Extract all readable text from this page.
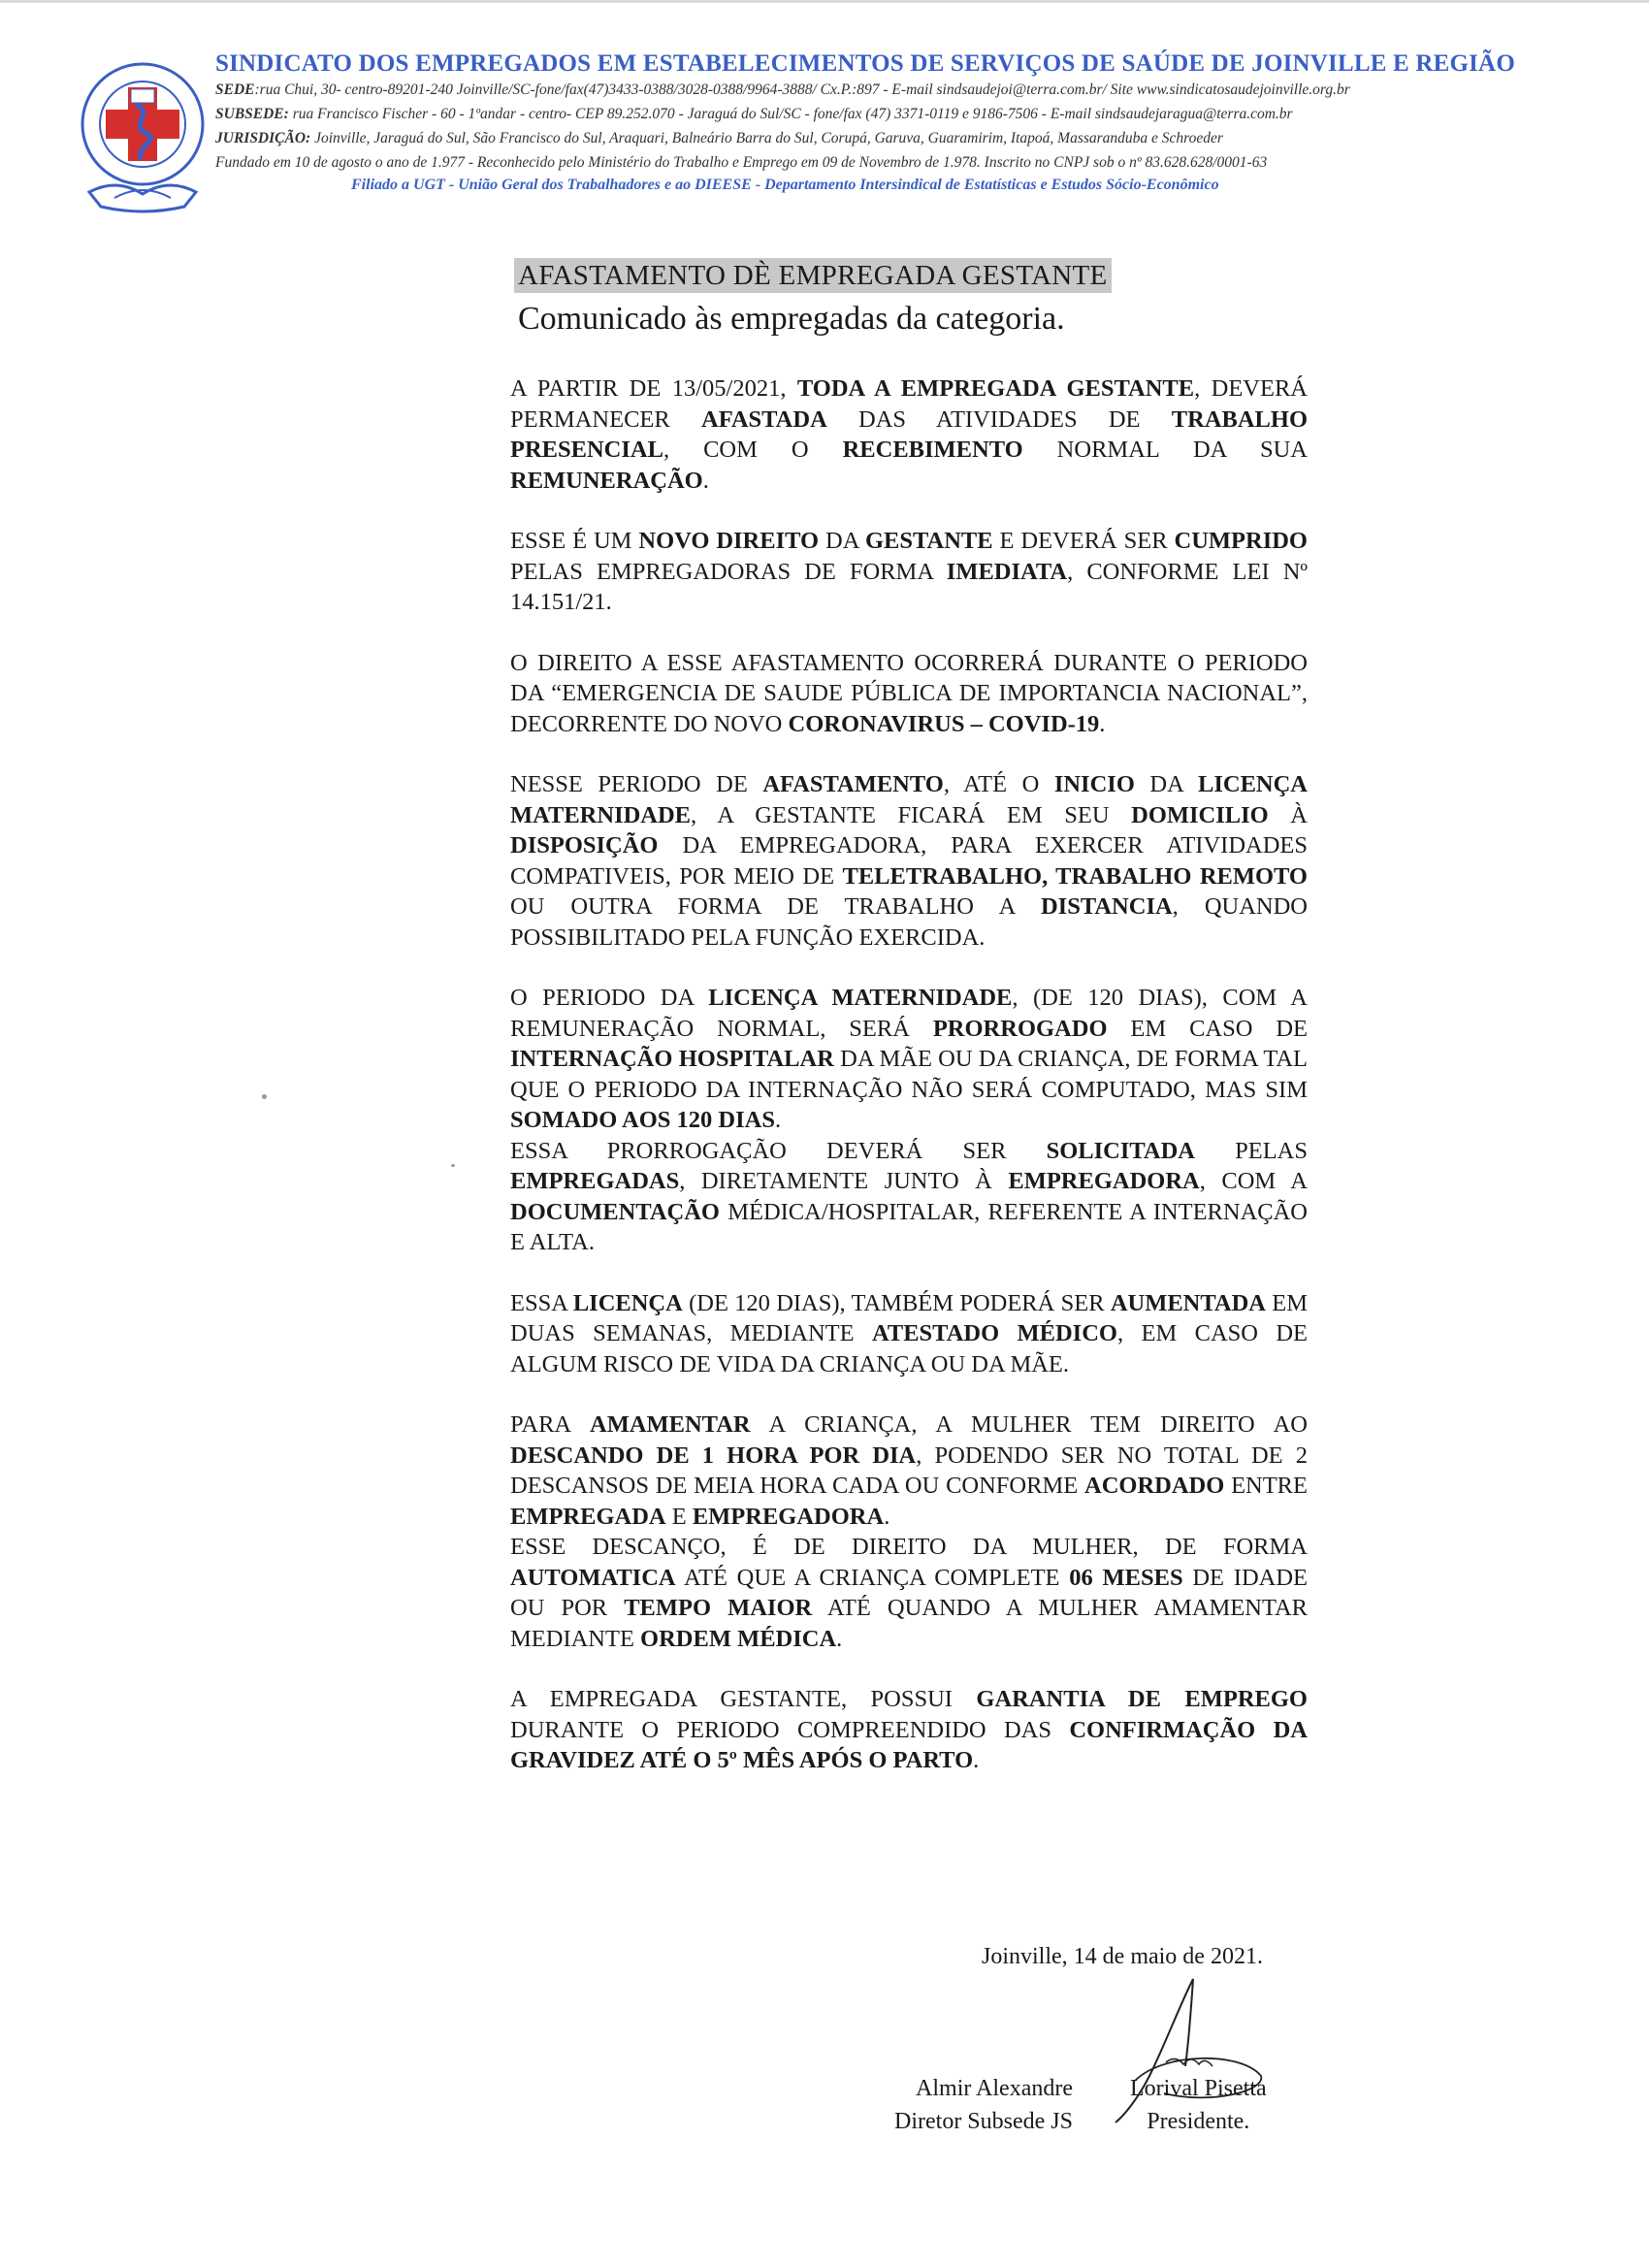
SINDICATO DOS EMPREGADOS EM ESTABELECIMENTOS DE SERVIÇOS DE SAÚDE DE JOINVILLE E REGIÃO
SEDE:rua Chui, 30- centro-89201-240 Joinville/SC-fone/fax(47)3433-0388/3028-0388/9964-3888/ Cx.P.:897 - E-mail sindsaudejoi@terra.com.br/ Site www.sindicatosaudejoinville.org.br
SUBSEDE: rua Francisco Fischer - 60 - 1ºandar - centro- CEP 89.252.070 - Jaraguá do Sul/SC - fone/fax (47) 3371-0119 e 9186-7506 - E-mail sindsaudejaragua@terra.com.br
JURISDIÇÃO: Joinville, Jaraguá do Sul, São Francisco do Sul, Araquari, Balneário Barra do Sul, Corupá, Garuva, Guaramirim, Itapoá, Massaranduba e Schroeder
Fundado em 10 de agosto o ano de 1.977 - Reconhecido pelo Ministério do Trabalho e Emprego em 09 de Novembro de 1.978. Inscrito no CNPJ sob o nº 83.628.628/0001-63
Filiado a UGT - União Geral dos Trabalhadores e ao DIEESE - Departamento Intersindical de Estatísticas e Estudos Sócio-Econômico
AFASTAMENTO DÈ EMPREGADA GESTANTE
Comunicado às empregadas da categoria.

A PARTIR DE 13/05/2021, TODA A EMPREGADA GESTANTE, DEVERÁ PERMANECER AFASTADA DAS ATIVIDADES DE TRABALHO PRESENCIAL, COM O RECEBIMENTO NORMAL DA SUA REMUNERAÇÃO.

ESSE É UM NOVO DIREITO DA GESTANTE E DEVERÁ SER CUMPRIDO PELAS EMPREGADORAS DE FORMA IMEDIATA, CONFORME LEI Nº 14.151/21.

O DIREITO A ESSE AFASTAMENTO OCORRERÁ DURANTE O PERIODO DA “EMERGENCIA DE SAUDE PÚBLICA DE IMPORTANCIA NACIONAL”, DECORRENTE DO NOVO CORONAVIRUS – COVID-19.

NESSE PERIODO DE AFASTAMENTO, ATÉ O INICIO DA LICENÇA MATERNIDADE, A GESTANTE FICARÁ EM SEU DOMICILIO À DISPOSIÇÃO DA EMPREGADORA, PARA EXERCER ATIVIDADES COMPATIVEIS, POR MEIO DE TELETRABALHO, TRABALHO REMOTO OU OUTRA FORMA DE TRABALHO A DISTANCIA, QUANDO POSSIBILITADO PELA FUNÇÃO EXERCIDA.

O PERIODO DA LICENÇA MATERNIDADE, (DE 120 DIAS), COM A REMUNERAÇÃO NORMAL, SERÁ PRORROGADO EM CASO DE INTERNAÇÃO HOSPITALAR DA MÃE OU DA CRIANÇA, DE FORMA TAL QUE O PERIODO DA INTERNAÇÃO NÃO SERÁ COMPUTADO, MAS SIM SOMADO AOS 120 DIAS.

ESSA PRORROGAÇÃO DEVERÁ SER SOLICITADA PELAS EMPREGADAS, DIRETAMENTE JUNTO À EMPREGADORA, COM A DOCUMENTAÇÃO MÉDICA/HOSPITALAR, REFERENTE A INTERNAÇÃO E ALTA.

ESSA LICENÇA (DE 120 DIAS), TAMBÉM PODERÁ SER AUMENTADA EM DUAS SEMANAS, MEDIANTE ATESTADO MÉDICO, EM CASO DE ALGUM RISCO DE VIDA DA CRIANÇA OU DA MÃE.

PARA AMAMENTAR A CRIANÇA, A MULHER TEM DIREITO AO DESCANDO DE 1 HORA POR DIA, PODENDO SER NO TOTAL DE 2 DESCANSOS DE MEIA HORA CADA OU CONFORME ACORDADO ENTRE EMPREGADA E EMPREGADORA.

ESSE DESCANÇO, É DE DIREITO DA MULHER, DE FORMA AUTOMATICA ATÉ QUE A CRIANÇA COMPLETE 06 MESES DE IDADE OU POR TEMPO MAIOR ATÉ QUANDO A MULHER AMAMENTAR MEDIANTE ORDEM MÉDICA.

A EMPREGADA GESTANTE, POSSUI GARANTIA DE EMPREGO DURANTE O PERIODO COMPREENDIDO DAS CONFIRMAÇÃO DA GRAVIDEZ ATÉ O 5º MÊS APÓS O PARTO.

Joinville, 14 de maio de 2021.
Almir Alexandre
Diretor Subsede JS
Lorival Pisetta
Presidente.
